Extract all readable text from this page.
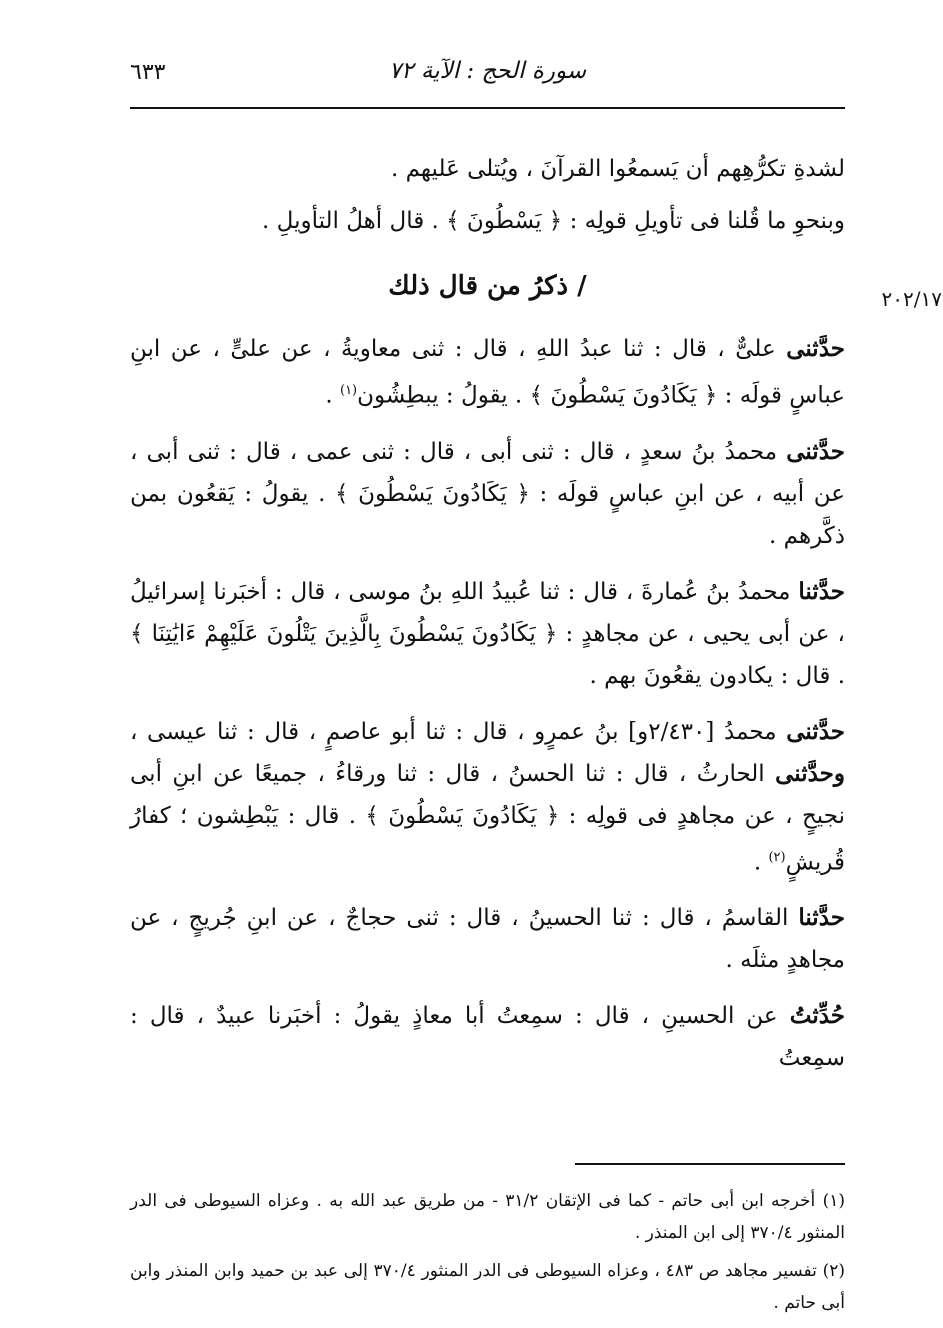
سورة الحج : الآية ٧٢
٦٣٣
٢٠٢/١٧

لشدةِ تكرُّهِهم أن يَسمعُوا القرآنَ ، ويُتلى عَليهم .

وبنحوِ ما قُلنا فى تأويلِ قولِه : ﴿ يَسْطُونَ ﴾ . قال أهلُ التأويلِ .

/ ذكرُ من قال ذلك

حدَّثنى علىٌّ ، قال : ثنا عبدُ اللهِ ، قال : ثنى معاويةُ ، عن علىٍّ ، عن ابنِ عباسٍ قولَه : ﴿ يَكَادُونَ يَسْطُونَ ﴾ . يقولُ : يبطِشُون$^{(١)}$ .

حدَّثنى محمدُ بنُ سعدٍ ، قال : ثنى أبى ، قال : ثنى عمى ، قال : ثنى أبى ، عن أبيه ، عن ابنِ عباسٍ قولَه : ﴿ يَكَادُونَ يَسْطُونَ ﴾ . يقولُ : يَقعُون بمن ذكَّرهم .

حدَّثنا محمدُ بنُ عُمارةَ ، قال : ثنا عُبيدُ اللهِ بنُ موسى ، قال : أخبَرنا إسرائيلُ ، عن أبى يحيى ، عن مجاهدٍ : ﴿ يَكَادُونَ يَسْطُونَ بِالَّذِينَ يَتْلُونَ عَلَيْهِمْ ءَايَٰتِنَا ﴾ . قال : يكادون يقعُونَ بهم .

حدَّثنى محمدُ [٢/٤٣٠و] بنُ عمرٍو ، قال : ثنا أبو عاصمٍ ، قال : ثنا عيسى ، وحدَّثنى الحارثُ ، قال : ثنا الحسنُ ، قال : ثنا ورقاءُ ، جميعًا عن ابنِ أبى نجيحٍ ، عن مجاهدٍ فى قولِه : ﴿ يَكَادُونَ يَسْطُونَ ﴾ . قال : يَبْطِشون ؛ كفارُ قُريشٍ$^{(٢)}$ .

حدَّثنا القاسمُ ، قال : ثنا الحسينُ ، قال : ثنى حجاجٌ ، عن ابنِ جُريجٍ ، عن مجاهدٍ مثلَه .

حُدِّثتُ عن الحسينِ ، قال : سمِعتُ أبا معاذٍ يقولُ : أخبَرنا عبيدٌ ، قال : سمِعتُ

(١) أخرجه ابن أبى حاتم - كما فى الإتقان ٣١/٢ - من طريق عبد الله به . وعزاه السيوطى فى الدر المنثور ٣٧٠/٤ إلى ابن المنذر .

(٢) تفسير مجاهد ص ٤٨٣ ، وعزاه السيوطى فى الدر المنثور ٣٧٠/٤ إلى عبد بن حميد وابن المنذر وابن أبى حاتم .
